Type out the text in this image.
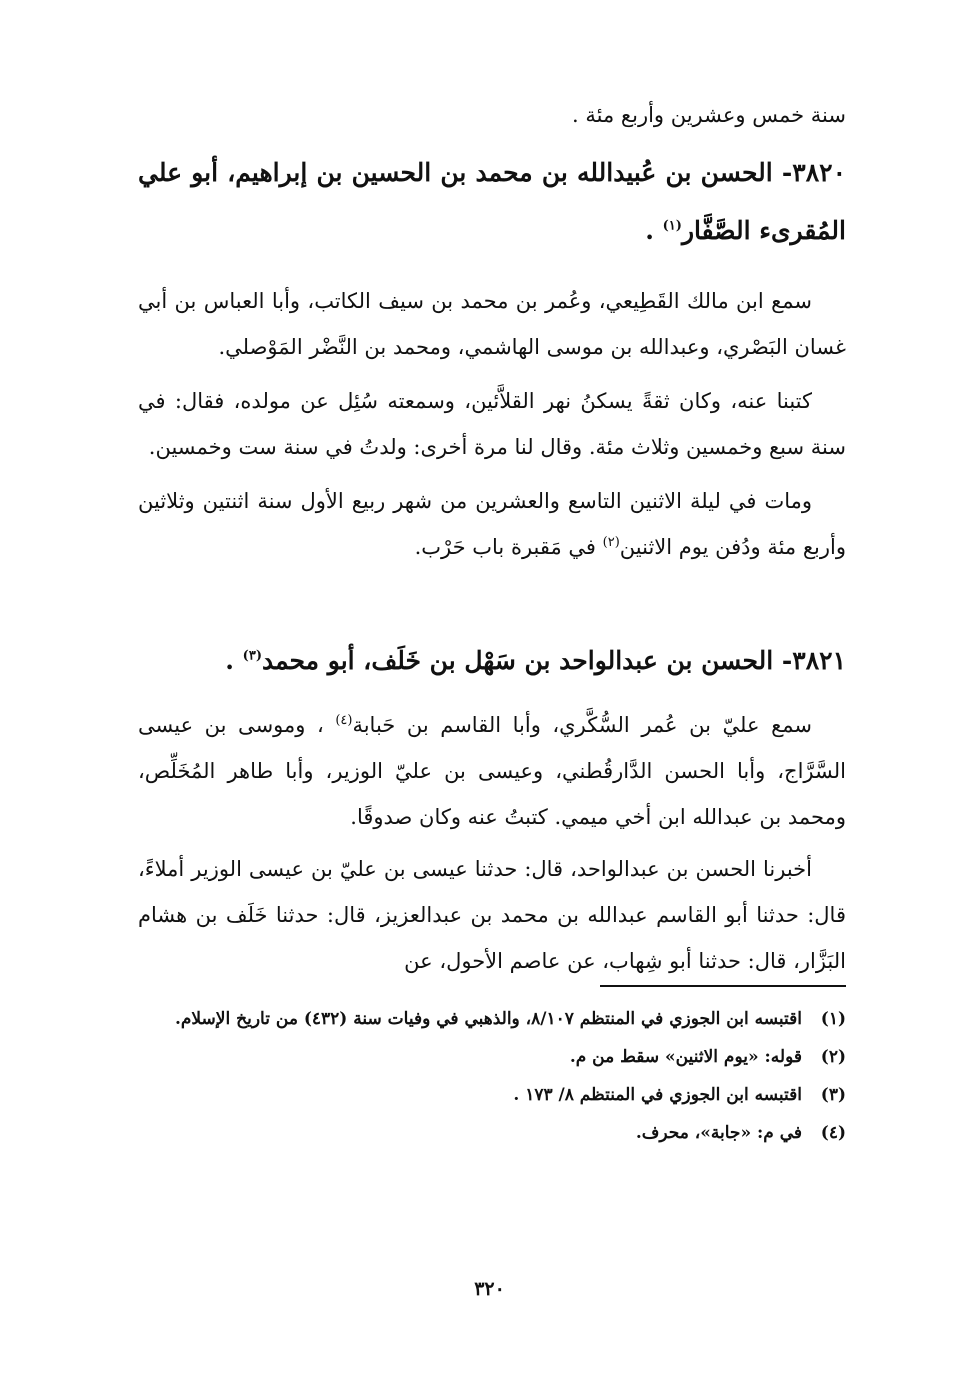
سنة خمس وعشرين وأربع مئة .
٣٨٢٠- الحسن بن عُبيدالله بن محمد بن الحسين بن إبراهيم، أبو علي المُقرىء الصَّفَّار$^{(١)}$ .
سمع ابن مالك القَطِيعي، وعُمر بن محمد بن سيف الكاتب، وأبا العباس بن أبي غسان البَصْري، وعبدالله بن موسى الهاشمي، ومحمد بن النَّضْر المَوْصلي.
كتبنا عنه، وكان ثقةً يسكنُ نهر القلاَّئين، وسمعته سُئِل عن مولده، فقال: في سنة سبع وخمسين وثلاث مئة. وقال لنا مرة أخرى: ولدتُ في سنة ست وخمسين.
ومات في ليلة الاثنين التاسع والعشرين من شهر ربيع الأول سنة اثنتين وثلاثين وأربع مئة ودُفن يوم الاثنين$^{(٢)}$ في مَقبرة باب حَرْب.
٣٨٢١- الحسن بن عبدالواحد بن سَهْل بن خَلَف، أبو محمد$^{(٣)}$ .
سمع عليّ بن عُمر السُّكَّري، وأبا القاسم بن حَبابة$^{(٤)}$ ، وموسى بن عيسى السَّرَّاج، وأبا الحسن الدَّارقُطني، وعيسى بن عليّ الوزير، وأبا طاهر المُخَلِّص، ومحمد بن عبدالله ابن أخي ميمي. كتبتُ عنه وكان صدوقًا.
أخبرنا الحسن بن عبدالواحد، قال: حدثنا عيسى بن عليّ بن عيسى الوزير أملاءً، قال: حدثنا أبو القاسم عبدالله بن محمد بن عبدالعزيز، قال: حدثنا خَلَف بن هشام البَزَّار، قال: حدثنا أبو شِهاب، عن عاصم الأحول، عن
(١)
اقتبسه ابن الجوزي في المنتظم ٨/١٠٧، والذهبي في وفيات سنة (٤٣٢) من تاريخ الإسلام.
(٢)
قوله: «يوم الاثنين» سقط من م.
(٣)
اقتبسه ابن الجوزي في المنتظم ٨/ ١٧٣ .
(٤)
في م: «جابة»، محرف.
٣٢٠
